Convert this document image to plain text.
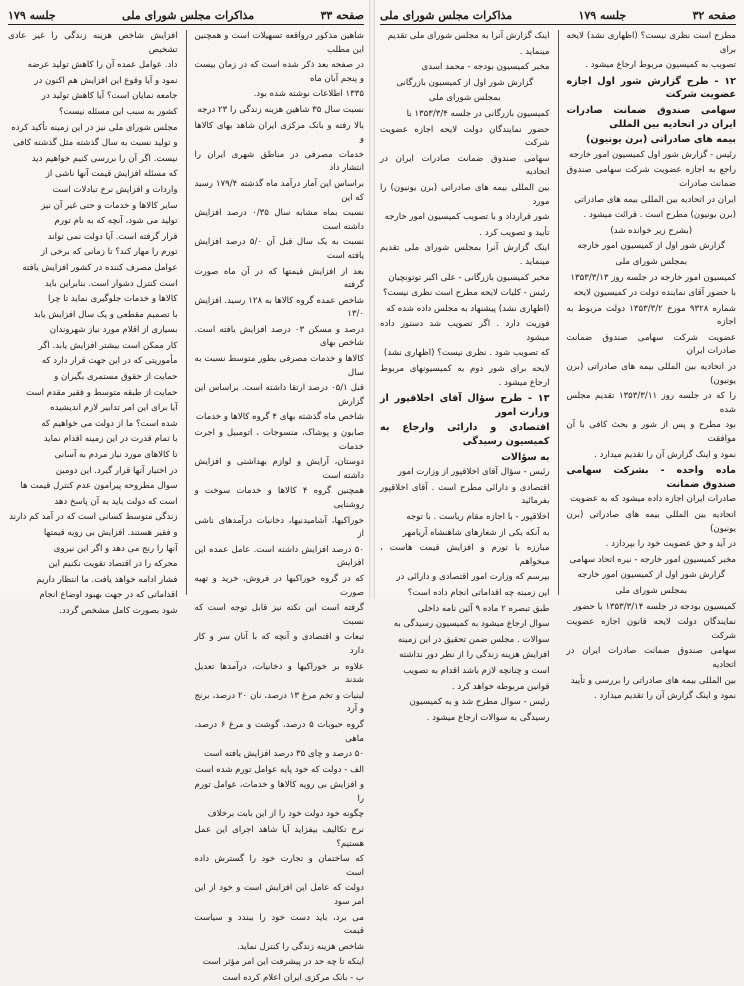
صفحه ۳۳
مذاکرات مجلس شورای ملی
جلسه ۱۷۹

شاهین مذکور درواقعه تسهیلات است و همچنین این مطلب

در صفحه بعد ذکر شده است که در زمان بیست و پنجم آبان ماه

۱۳۳۵ اطلاعات نوشته شده بود.

نسبت سال ۳۵ شاهین هزینه زندگی را ۲۳ درجه

بالا رفته و بانک مرکزی ایران شاهد بهای کالاها و

خدمات مصرفی در مناطق شهری ایران را انتشار داد

براساس این آمار درآمد ماه گذشته ۱۷۹/۴ رسید که این

نسبت بماه مشابه سال ۰/۳۵ درصد افزایش داشته است

نسبت به یک سال قبل آن ۵/۰ درصد افزایش یافته است

بعد از افزایش قیمتها که در آن ماه صورت گرفته

شاخص عمده گروه کالاها به ۱۲۸ رسید. افزایش ۱۳/۰

درصد و مسکن ۰۳ درصد افزایش یافته است. شاخص بهای

کالاها و خدمات مصرفی بطور متوسط نسبت به سال

قبل ۰۵/۱ درصد ارتقا داشته است. براساس این گزارش

شاخص ماه گذشته بهای ۴ گروه کالاها و خدمات

صابون و پوشاک، منسوجات ، اتومبیل و اجرت خدمات

دوستان، آرایش و لوازم بهداشتی و افزایش داشته است

همچنین گروه ۴ کالاها و خدمات سوخت و روشنایی

خوراکیها، آشامیدنیها، دخانیات درآمدهای ناشی از

۵۰ درصد افزایش داشته است. عامل عمده این افزایش

که در گروه خوراکیها در فروش، خرید و تهیه صورت

گرفته است این نکته نیز قابل توجه است که نسبت

تبعات و اقتصادی و آنچه که با آنان سر و کار دارد

علاوه بر خوراکیها و دخانیات، درآمدها تعدیل شدند

لبنیات و تخم مرغ ۱۳ درصد، نان ۲۰ درصد، برنج و آرد

گروه حبوبات ۵ درصد، گوشت و مرغ ۶ درصد، ماهی

۵۰ درصد و چای ۳۵ درصد افزایش یافته است

الف - دولت که خود پایه عوامل تورم شده است

و افزایش بی رویه کالاها و خدمات، عوامل تورم را

چگونه خود دولت خود را از این بابت برخلاف

نرخ تکالیف بیفزاید آیا شاهد اجرای این عمل هستیم؟

که ساختمان و تجارت خود را گسترش داده است

دولت که عامل این افزایش است و خود از این امر سود

می برد، باید دست خود را ببندد و سیاست قیمت

شاخص هزینه زندگی را کنترل نماید.

اینکه تا چه حد در پیشرفت این امر مؤثر است

ب - بانک مرکزی ایران اعلام کرده است

افزایش شاخص هزینه زندگی را غیر عادی تشخیص

داد. عوامل عمده آن را کاهش تولید عرضه

نمود و آیا وقوع این افزایش هم اکنون در

جامعه نمایان است؟ آیا کاهش تولید در

کشور به سبب این مسئله نیست؟

مجلس شورای ملی نیز در این زمینه تأکید کرده

و تولید نسبت به سال گذشته مثل گذشته کافی

نیست. اگر آن را بررسی کنیم خواهیم دید

که مسئله افزایش قیمت آنها ناشی از

واردات و افزایش نرخ تبادلات است

سایر کالاها و خدمات و حتی غیر آن نیز

تولید می شود، آنچه که به نام تورم

قرار گرفته است. آیا دولت نمی تواند

تورم را مهار کند؟ تا زمانی که برخی از

عوامل مصرف کننده در کشور افزایش یافته

است کنترل دشوار است. بنابراین باید

کالاها و خدمات جلوگیری نماید تا چرا

با تصمیم مقطعی و یک سال افزایش یابد

بسیاری از اقلام مورد نیاز شهروندان

کار ممکن است بیشتر افزایش یابد. اگر

مأموریتی که در این جهت قرار دارد که

حمایت از حقوق مستمری بگیران و

حمایت از طبقه متوسط و فقیر مقدم است

آیا برای این امر تدابیر لازم اندیشیده

شده است؟ ما از دولت می خواهیم که

با تمام قدرت در این زمینه اقدام نماید

تا کالاهای مورد نیاز مردم به آسانی

در اختیار آنها قرار گیرد. این دومین

سوال مطروحه پیرامون عدم کنترل قیمت ها

است که دولت باید به آن پاسخ دهد

زندگی متوسط کسانی است که در آمد کم دارند

و فقیر هستند. افزایش بی رویه قیمتها

آنها را رنج می دهد و اگر این نیروی

محرکه را در اقتصاد تقویت نکنیم این

فشار ادامه خواهد یافت. ما انتظار داریم

اقداماتی که در جهت بهبود اوضاع انجام

شود بصورت کامل مشخص گردد.

صفحه ۳۲
جلسه ۱۷۹
مذاکرات مجلس شورای ملی

مطرح است نظری نیست؟ (اظهاری نشد) لایحه برای

تصویب به کمیسیون مربوط ارجاع میشود .

۱۲ - طرح گزارش شور اول اجازه عضویت شرکت

سهامی صندوق ضمانت صادرات ایران در اتحادیه بین المللی

بیمه های صادراتی (برن یونیون)

رئیس - گزارش شور اول کمیسیون امور خارجه

راجع به اجازه عضویت شرکت سهامی صندوق ضمانت صادرات

ایران در اتحادیه بین المللی بیمه های صادراتی

(برن یونیون) مطرح است . قرائت میشود .

(بشرح زیر خوانده شد)

گزارش شور اول از کمیسیون امور خارجه

بمجلس شورای ملی

کمیسیون امور خارجه در جلسه روز ۱۳۵۳/۳/۱۳

با حضور آقای نماینده دولت در کمیسیون لایحه

شماره ۹۳۲۸ مورخ ۱۳۵۳/۳/۲ دولت مربوط به اجازه

عضویت شرکت سهامی صندوق ضمانت صادرات ایران

در اتحادیه بین المللی بیمه های صادراتی (برن یونیون)

را که در جلسه روز ۱۳۵۳/۳/۱۱ تقدیم مجلس شده

بود مطرح و پس از شور و بحث کافی با آن موافقت

نمود و اینک گزارش آن را تقدیم میدارد .

ماده واحده - بشرکت سهامی صندوق ضمانت

صادرات ایران اجازه داده میشود که به عضویت

اتحادیه بین المللی بیمه های صادراتی (برن یونیون)

در آید و حق عضویت خود را بپردازد .

مخبر کمیسیون امور خارجه - نیره اتحاد سهامی

گزارش شور اول از کمیسیون امور خارجه

بمجلس شورای ملی

کمیسیون بودجه در جلسه ۱۳۵۳/۳/۱۴ با حضور

نمایندگان دولت لایحه قانون اجازه عضویت شرکت

سهامی صندوق ضمانت صادرات ایران در اتحادیه

بین المللی بیمه های صادراتی را بررسی و تأیید

نمود و اینک گزارش آن را تقدیم میدارد .

اینک گزارش آنرا به مجلس شورای ملی تقدیم

مینماید .

مخبر کمیسیون بودجه - محمد اسدی

گزارش شور اول از کمیسیون بازرگانی

بمجلس شورای ملی

کمیسیون بازرگانی در جلسه ۱۳۵۳/۳/۴ با

حضور نمایندگان دولت لایحه اجازه عضویت شرکت

سهامی صندوق ضمانت صادرات ایران در اتحادیه

بین المللی بیمه های صادراتی (برن یونیون) را مورد

شور قرارداد و با تصویب کمیسیون امور خارجه

تأیید و تصویب کرد .

اینک گزارش آنرا بمجلس شورای ملی تقدیم مینماید .

مخبر کمیسیون بازرگانی - علی اکبر توتونچیان

رئیس - کلیات لایحه مطرح است نظری نیست؟

(اظهاری نشد) پیشنهاد به مجلس داده شده که

فوریت دارد . اگر تصویب شد دستور داده میشود

که تصویب شود . نظری نیست؟ (اظهاری نشد)

لایحه برای شور دوم به کمیسیونهای مربوط ارجاع میشود .

۱۳ - طرح سؤال آقای اخلاقپور از وزارت امور

اقتصادی و دارائی وارجاع به کمیسیون رسیدگی

به سؤالات

رئیس - سؤال آقای اخلاقپور از وزارت امور

اقتصادی و دارائی مطرح است . آقای اخلاقپور بفرمائید

اخلاقپور - با اجازه مقام ریاست . با توجه

به آنکه یکی از شعارهای شاهنشاه آریامهر

مبارزه با تورم و افزایش قیمت هاست ، میخواهم

بپرسم که وزارت امور اقتصادی و دارائی در

این زمینه چه اقداماتی انجام داده است؟

طبق تبصره ۲ ماده ۹ آئین نامه داخلی

سوال ارجاع میشود به کمیسیون رسیدگی به

سوالات . مجلس ضمن تحقیق در این زمینه

افزایش هزینه زندگی را از نظر دور نداشته

است و چنانچه لازم باشد اقدام به تصویب

قوانین مربوطه خواهد کرد .

رئیس - سوال مطرح شد و به کمیسیون

رسیدگی به سوالات ارجاع میشود .
